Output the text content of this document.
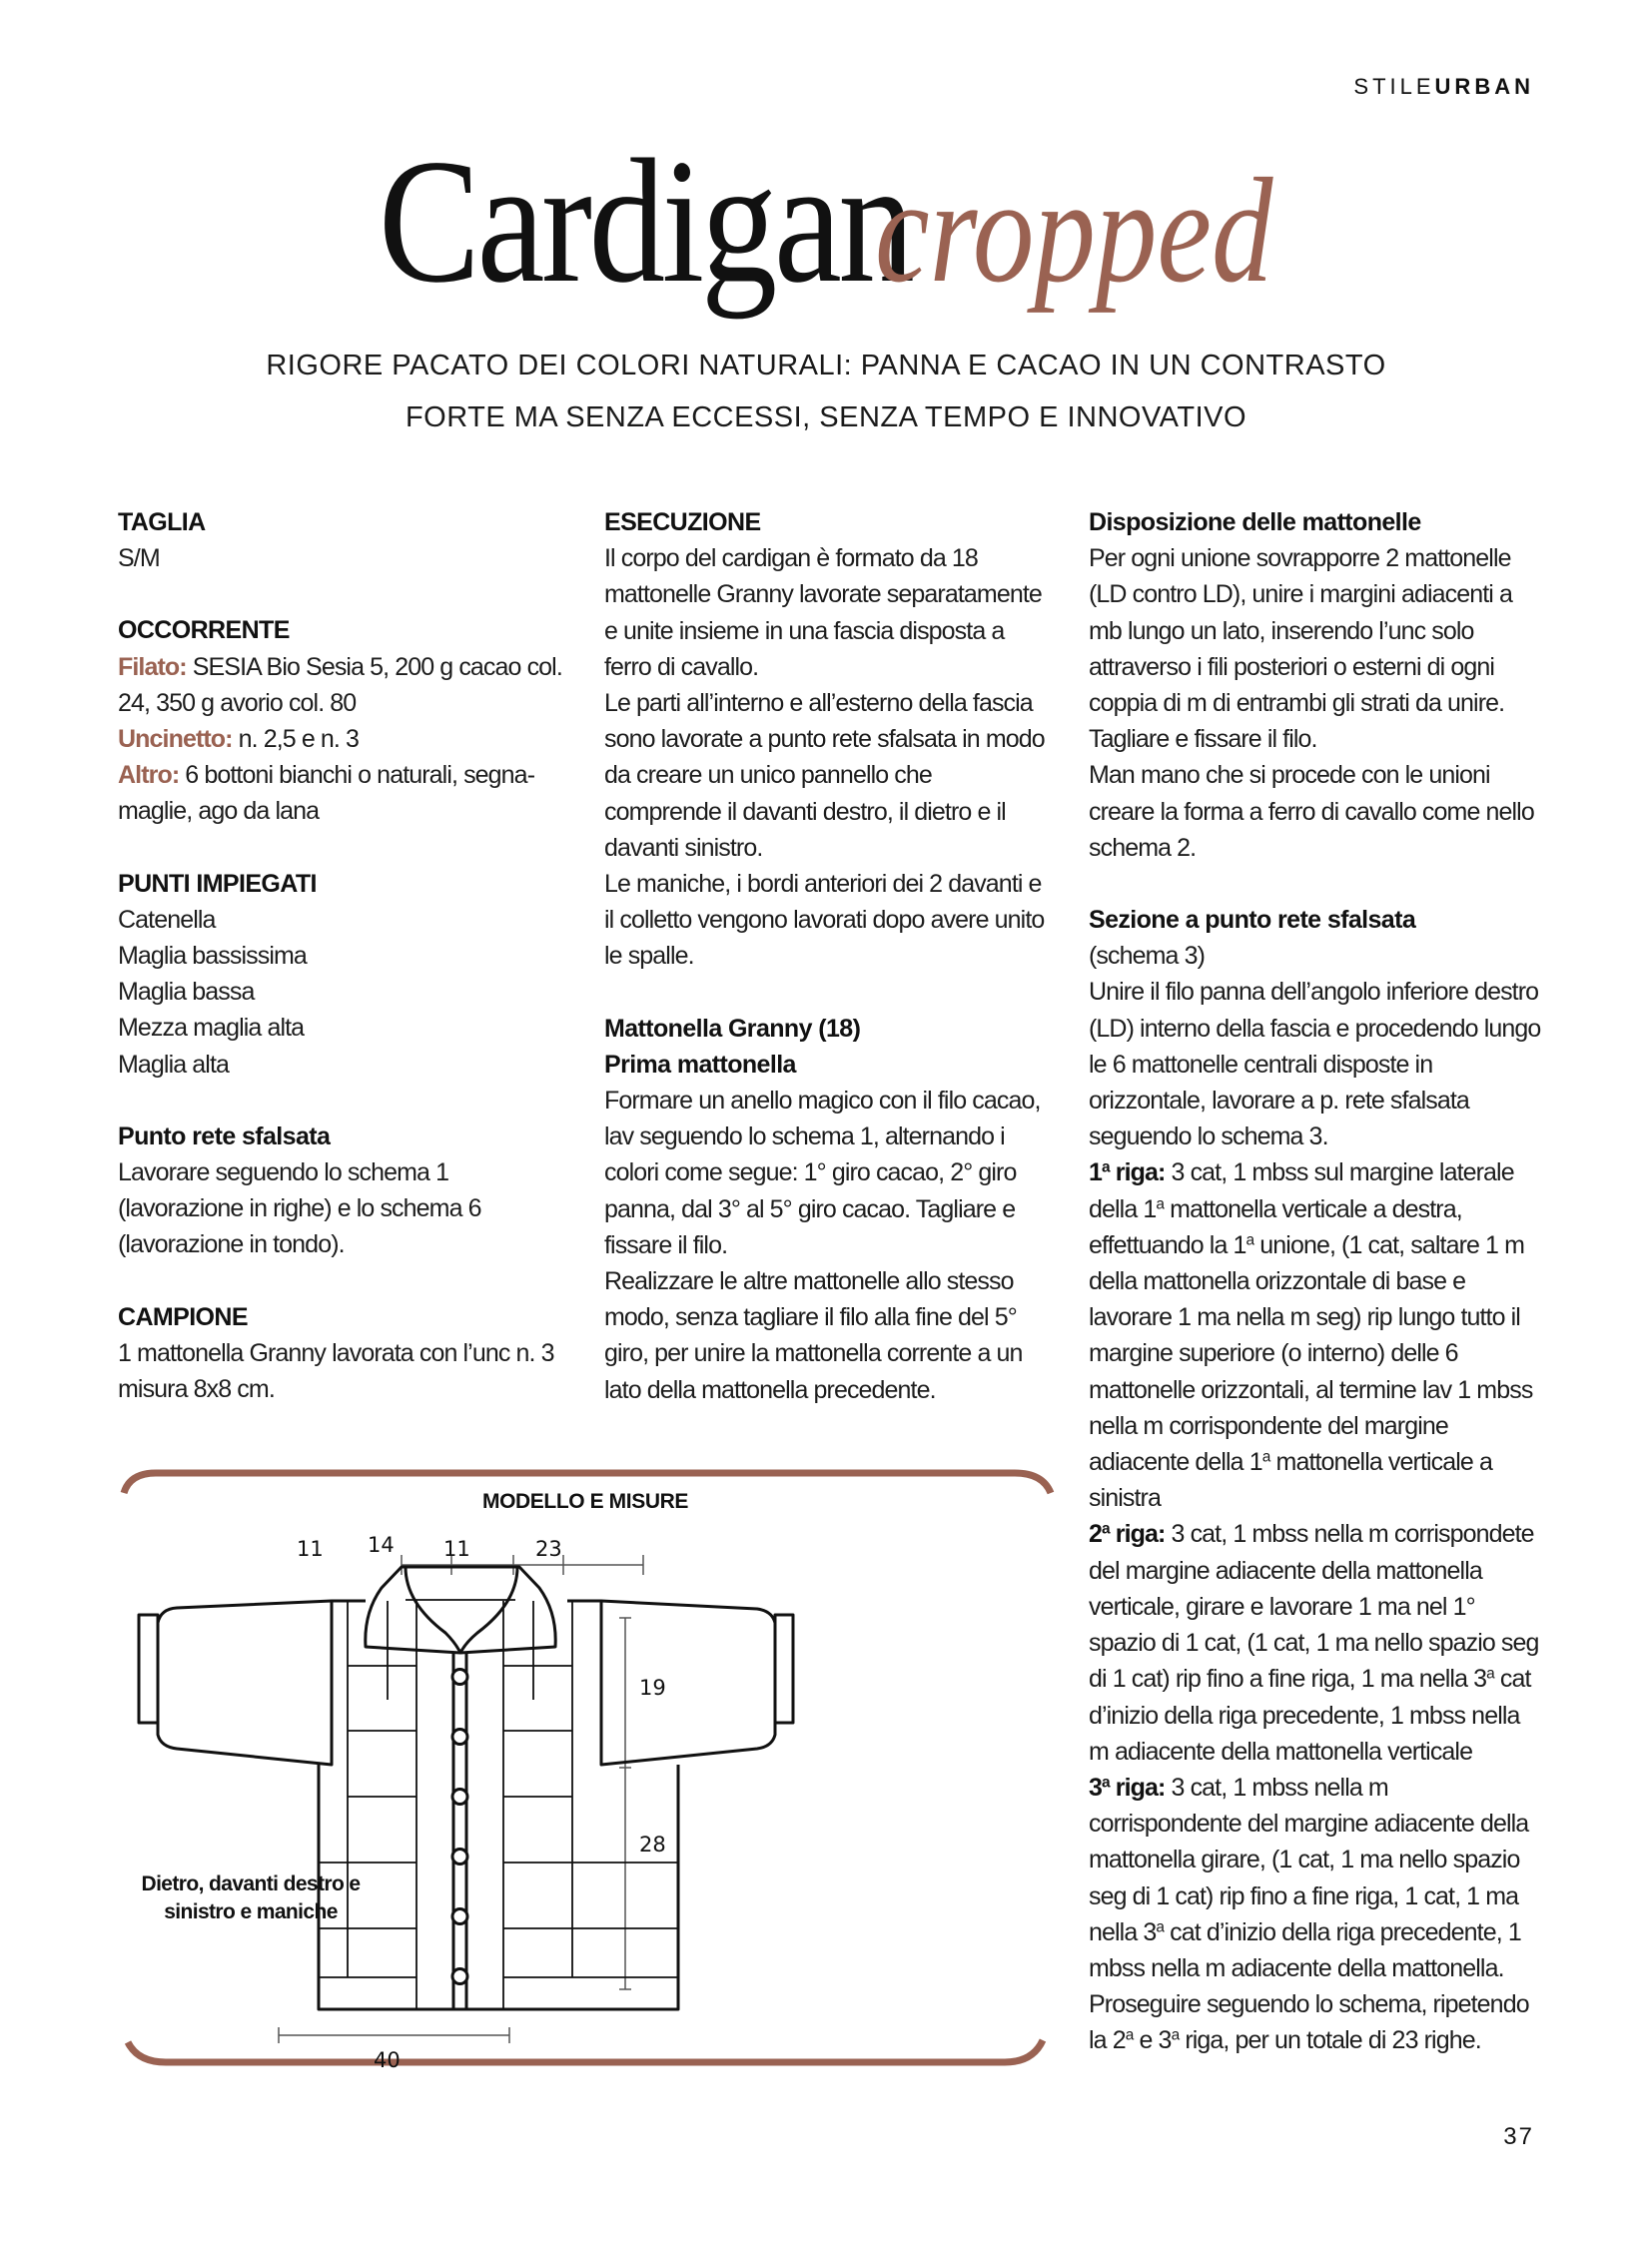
STILEURBAN
Cardigan cropped
RIGORE PACATO DEI COLORI NATURALI: PANNA E CACAO IN UN CONTRASTO
FORTE MA SENZA ECCESSI, SENZA TEMPO E INNOVATIVO
TAGLIA

S/M

OCCORRENTE

Filato: SESIA Bio Sesia 5, 200 g cacao col. 24, 350 g avorio col. 80

Uncinetto: n. 2,5 e n. 3

Altro: 6 bottoni bianchi o naturali, segna-maglie, ago da lana

PUNTI IMPIEGATI

Catenella

Maglia bassissima

Maglia bassa

Mezza maglia alta

Maglia alta

Punto rete sfalsata

Lavorare seguendo lo schema 1 (lavorazione in righe) e lo schema 6 (lavorazione in tondo).

CAMPIONE

1 mattonella Granny lavorata con l’unc n. 3 misura 8x8 cm.

ESECUZIONE

Il corpo del cardigan è formato da 18 mattonelle Granny lavorate separatamente e unite insieme in una fascia disposta a ferro di cavallo.

Le parti all’interno e all’esterno della fascia sono lavorate a punto rete sfalsata in modo da creare un unico pannello che comprende il davanti destro, il dietro e il davanti sinistro.

Le maniche, i bordi anteriori dei 2 davanti e il colletto vengono lavorati dopo avere unito le spalle.

Mattonella Granny (18)
Prima mattonella

Formare un anello magico con il filo cacao, lav seguendo lo schema 1, alternando i colori come segue: 1° giro cacao, 2° giro panna, dal 3° al 5° giro cacao. Tagliare e fissare il filo.

Realizzare le altre mattonelle allo stesso modo, senza tagliare il filo alla fine del 5° giro, per unire la mattonella corrente a un lato della mattonella precedente.

Disposizione delle mattonelle

Per ogni unione sovrapporre 2 mattonelle (LD contro LD), unire i margini adiacenti a mb lungo un lato, inserendo l’unc solo attraverso i fili posteriori o esterni di ogni coppia di m di entrambi gli strati da unire. Tagliare e fissare il filo.

Man mano che si procede con le unioni creare la forma a ferro di cavallo come nello schema 2.

Sezione a punto rete sfalsata

(schema 3)

Unire il filo panna dell’angolo inferiore destro (LD) interno della fascia e procedendo lungo le 6 mattonelle centrali disposte in orizzontale, lavorare a p. rete sfalsata seguendo lo schema 3.

1$^a$ riga: 3 cat, 1 mbss sul margine laterale della 1$^a$ mattonella verticale a destra, effettuando la 1$^a$ unione, (1 cat, saltare 1 m della mattonella orizzontale di base e lavorare 1 ma nella m seg) rip lungo tutto il margine superiore (o interno) delle 6 mattonelle orizzontali, al termine lav 1 mbss nella m corrispondente del margine adiacente della 1$^a$ mattonella verticale a sinistra

2$^a$ riga: 3 cat, 1 mbss nella m corrispondete del margine adiacente della mattonella verticale, girare e lavorare 1 ma nel 1° spazio di 1 cat, (1 cat, 1 ma nello spazio seg di 1 cat) rip fino a fine riga, 1 ma nella 3$^a$ cat d’inizio della riga precedente, 1 mbss nella m adiacente della mattonella verticale

3$^a$ riga: 3 cat, 1 mbss nella m corrispondente del margine adiacente della mattonella girare, (1 cat, 1 ma nello spazio seg di 1 cat) rip fino a fine riga, 1 cat, 1 ma nella 3$^a$ cat d’inizio della riga precedente, 1 mbss nella m adiacente della mattonella.

Proseguire seguendo lo schema, ripetendo la 2$^a$ e 3$^a$ riga, per un totale di 23 righe.

MODELLO E MISURE
Dietro, davanti destro e sinistro e maniche
11 14 11	23
19
28
40
37
